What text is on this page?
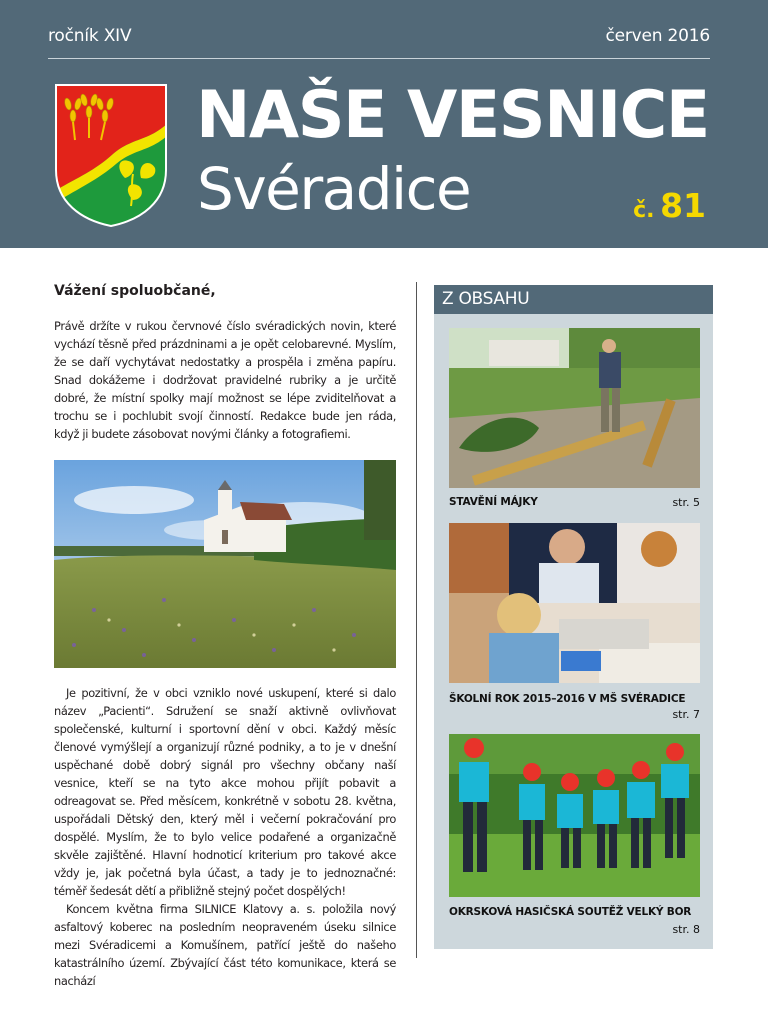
ročník XIV	červen 2016
NAŠE VESNICE
Svéradice	č. 81
Vážení spoluobčané,

Právě držíte v rukou červnové číslo svéradických novin, které vychází těsně před prázdninami a je opět celobarevné. Myslím, že se daří vychytávat nedostatky a prospěla i změna papíru. Snad dokážeme i dodržovat pravidelné rubriky a je určitě dobré, že místní spolky mají možnost se lépe zviditelňovat a trochu se i pochlubit svojí činností. Redakce bude jen ráda, když ji budete zásobovat novými články a fotografiemi.

Je pozitivní, že v obci vzniklo nové uskupení, které si dalo název „Pacienti“. Sdružení se snaží aktivně ovlivňovat společenské, kulturní i sportovní dění v obci. Každý měsíc členové vymýšlejí a organizují různé podniky, a to je v dnešní uspěchané době dobrý signál pro všechny občany naší vesnice, kteří se na tyto akce mohou přijít pobavit a odreagovat se. Před měsícem, konkrétně v sobotu 28. května, uspořádali Dětský den, který měl i večerní pokračování pro dospělé. Myslím, že to bylo velice podařené a organizačně skvěle zajištěné. Hlavní hodnoticí kriterium pro takové akce vždy je, jak početná byla účast, a tady je to jednoznačné: téměř šedesát dětí a přibližně stejný počet dospělých!

Koncem května firma SILNICE Klatovy a. s. položila nový asfaltový koberec na posledním neopraveném úseku silnice mezi Svéradicemi a Komušínem, patřící ještě do našeho katastrálního území. Zbývající část této komunikace, která se nachází

Z OBSAHU
STAVĚNÍ MÁJKY	str. 5
ŠKOLNÍ ROK 2015–2016 V MŠ SVÉRADICE
str. 7
OKRSKOVÁ HASIČSKÁ SOUTĚŽ VELKÝ BOR
str. 8
